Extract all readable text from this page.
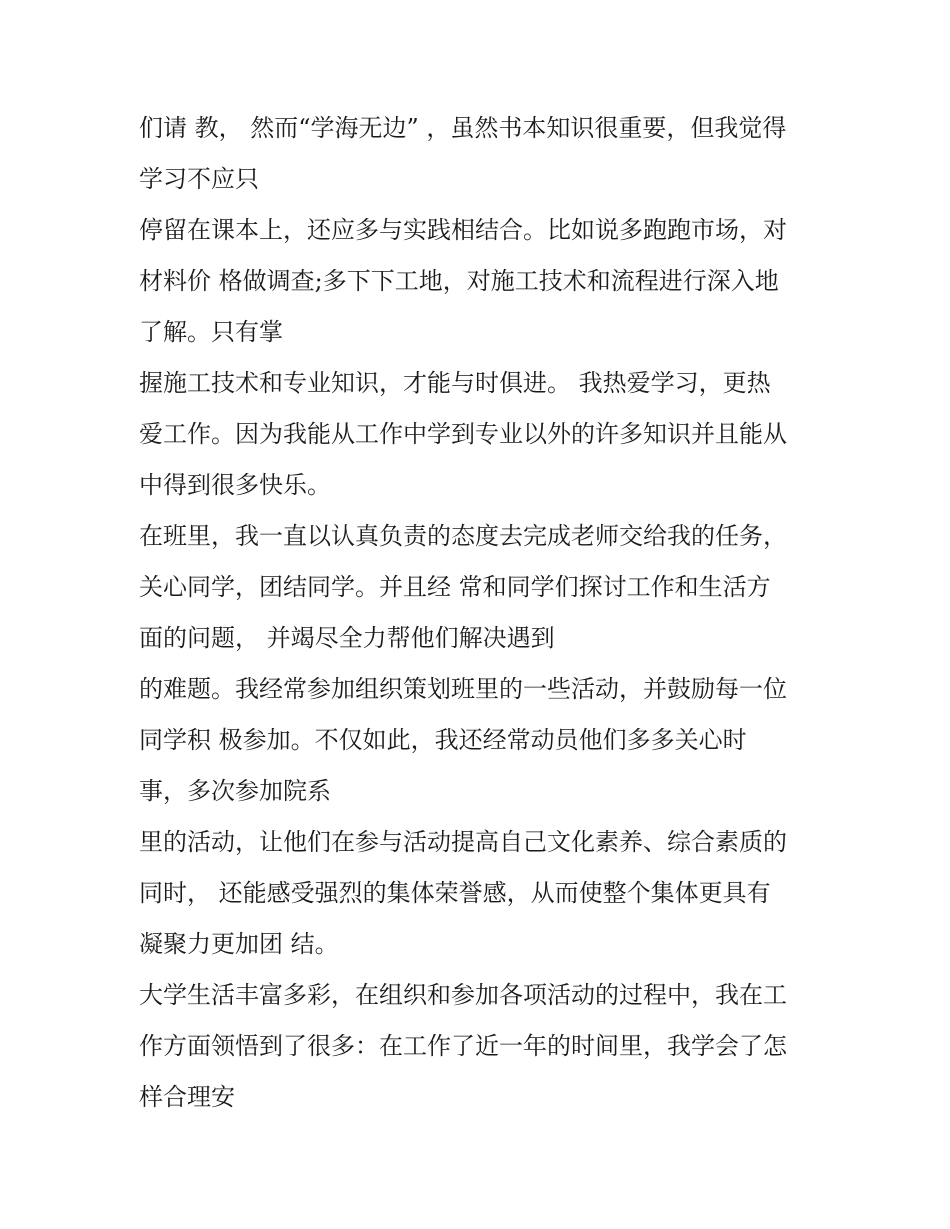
们请 教， 然而“学海无边” ，虽然书本知识很重要，但我觉得
学习不应只
停留在课本上，还应多与实践相结合。比如说多跑跑市场，对
材料价 格做调查;多下下工地，对施工技术和流程进行深入地
了解。只有掌
握施工技术和专业知识，才能与时俱进。 我热爱学习，更热
爱工作。因为我能从工作中学到专业以外的许多知识并且能从
中得到很多快乐。
在班里，我一直以认真负责的态度去完成老师交给我的任务，
关心同学，团结同学。并且经 常和同学们探讨工作和生活方
面的问题， 并竭尽全力帮他们解决遇到
的难题。我经常参加组织策划班里的一些活动，并鼓励每一位
同学积 极参加。不仅如此，我还经常动员他们多多关心时
事，多次参加院系
里的活动，让他们在参与活动提高自己文化素养、综合素质的
同时， 还能感受强烈的集体荣誉感，从而使整个集体更具有
凝聚力更加团 结。
大学生活丰富多彩，在组织和参加各项活动的过程中，我在工
作方面领悟到了很多：在工作了近一年的时间里，我学会了怎
样合理安
